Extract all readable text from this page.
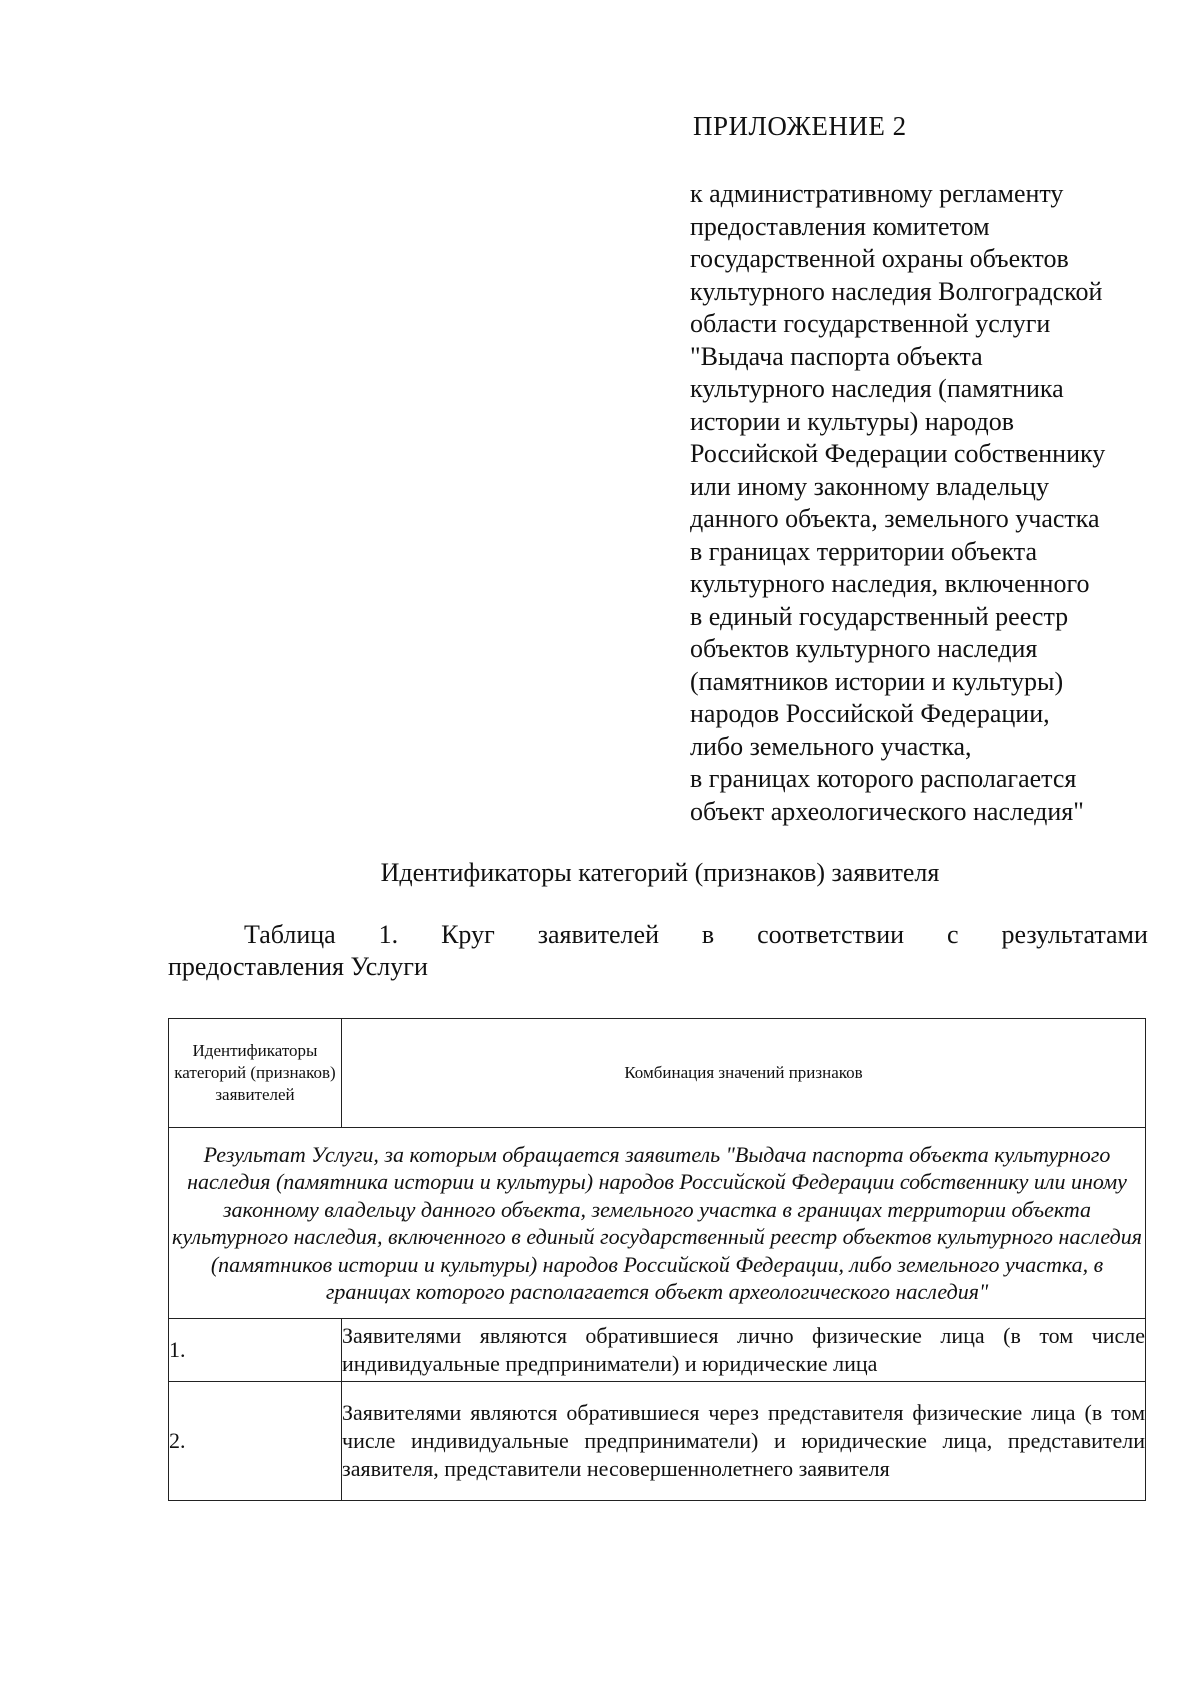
ПРИЛОЖЕНИЕ 2
к административному регламенту
предоставления комитетом
государственной охраны объектов
культурного наследия Волгоградской
области государственной услуги
"Выдача паспорта объекта
культурного наследия (памятника
истории и культуры) народов
Российской Федерации собственнику
или иному законному владельцу
данного объекта, земельного участка
в границах территории объекта
культурного наследия, включенного
в единый государственный реестр
объектов культурного наследия
(памятников истории и культуры)
народов Российской Федерации,
либо земельного участка,
в границах которого располагается
объект археологического наследия"
Идентификаторы категорий (признаков) заявителя
Таблица 1. Круг заявителей в соответствии с результатами
предоставления Услуги
Идентификаторы категорий (признаков) заявителей	Комбинация значений признаков
Результат Услуги, за которым обращается заявитель "Выдача паспорта объекта культурного наследия (памятника истории и культуры) народов Российской Федерации собственнику или иному законному владельцу данного объекта, земельного участка в границах территории объекта культурного наследия, включенного в единый государственный реестр объектов культурного наследия (памятников истории и культуры) народов Российской Федерации, либо земельного участка, в границах которого располагается объект археологического наследия"	
1.	Заявителями являются обратившиеся лично физические лица (в том числе индивидуальные предприниматели) и юридические лица
2.	Заявителями являются обратившиеся через представителя физические лица (в том числе индивидуальные предприниматели) и юридические лица, представители заявителя, представители несовершеннолетнего заявителя
